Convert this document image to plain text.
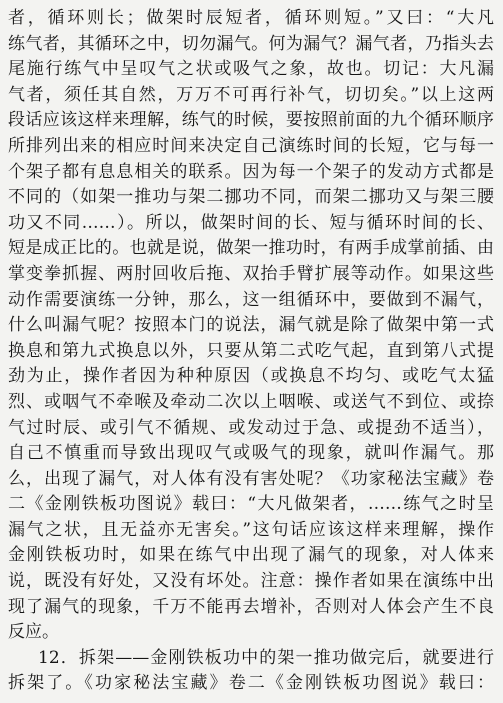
者，循环则长；做架时辰短者，循环则短。”又曰：“大凡
练气者，其循环之中，切勿漏气。何为漏气？漏气者，乃指头去
尾施行练气中呈叹气之状或吸气之象，故也。切记：大凡漏
气者，须任其自然，万万不可再行补气，切切矣。”以上这两
段话应该这样来理解，练气的时候，要按照前面的九个循环顺序
所排列出来的相应时间来决定自己演练时间的长短，它与每一
个架子都有息息相关的联系。因为每一个架子的发动方式都是
不同的（如架一推功与架二挪功不同，而架二挪功又与架三腰
功又不同……）。所以，做架时间的长、短与循环时间的长、
短是成正比的。也就是说，做架一推功时，有两手成掌前插、由
掌变拳抓握、两肘回收后拖、双抬手臂扩展等动作。如果这些
动作需要演练一分钟，那么，这一组循环中，要做到不漏气，
什么叫漏气呢？按照本门的说法，漏气就是除了做架中第一式
换息和第九式换息以外，只要从第二式吃气起，直到第八式提
劲为止，操作者因为种种原因（或换息不均匀、或吃气太猛
烈、或咽气不牵喉及牵动二次以上咽喉、或送气不到位、或捺
气过时辰、或引气不循规、或发动过于急、或提劲不适当），
自己不慎重而导致出现叹气或吸气的现象，就叫作漏气。那
么，出现了漏气，对人体有没有害处呢？《功家秘法宝藏》卷
二《金刚铁板功图说》载曰：“大凡做架者，……练气之时呈
漏气之状，且无益亦无害矣。”这句话应该这样来理解，操作
金刚铁板功时，如果在练气中出现了漏气的现象，对人体来
说，既没有好处，又没有坏处。注意：操作者如果在演练中出
现了漏气的现象，千万不能再去增补，否则对人体会产生不良
反应。
12．拆架——金刚铁板功中的架一推功做完后，就要进行
拆架了。《功家秘法宝藏》卷二《金刚铁板功图说》载曰：
